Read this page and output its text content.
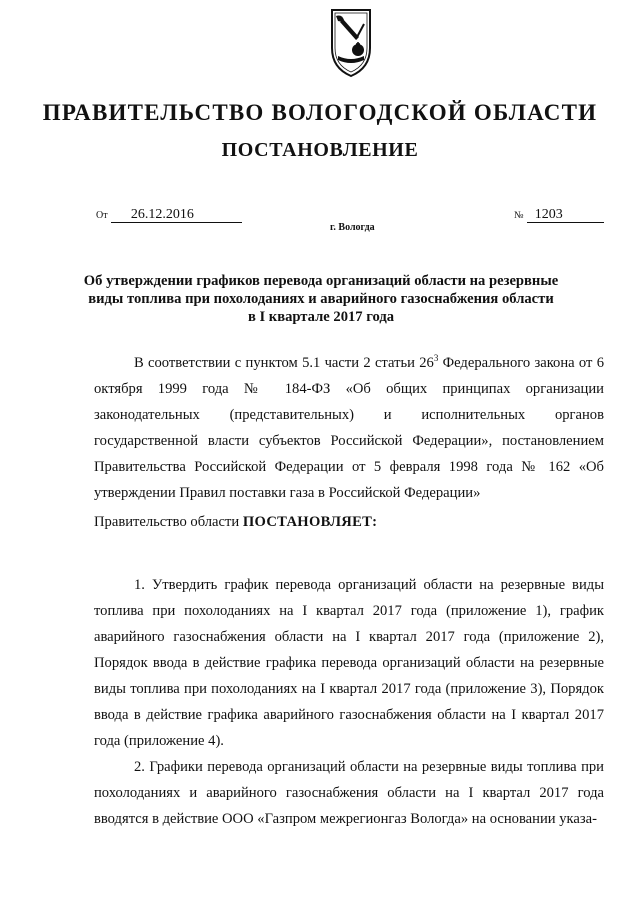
ПРАВИТЕЛЬСТВО ВОЛОГОДСКОЙ ОБЛАСТИ
ПОСТАНОВЛЕНИЕ
От 26.12.2016	№ 1203
г. Вологда
Об утверждении графиков перевода организаций области на резервные
виды топлива при похолоданиях и аварийного газоснабжения области
в I квартале 2017 года

В соответствии с пунктом 5.1 части 2 статьи $26^3$ Федерального закона от 6 октября 1999 года № 184-ФЗ «Об общих принципах организации законодательных (представительных) и исполнительных органов государственной власти субъектов Российской Федерации», постановлением Правительства Российской Федерации от 5 февраля 1998 года № 162 «Об утверждении Правил поставки газа в Российской Федерации»

Правительство области ПОСТАНОВЛЯЕТ:

1. Утвердить график перевода организаций области на резервные виды топлива при похолоданиях на I квартал 2017 года (приложение 1), график аварийного газоснабжения области на I квартал 2017 года (приложение 2), Порядок ввода в действие графика перевода организаций области на резервные виды топлива при похолоданиях на I квартал 2017 года (приложение 3), Порядок ввода в действие графика аварийного газоснабжения области на I квартал 2017 года (приложение 4).

2. Графики перевода организаций области на резервные виды топлива при похолоданиях и аварийного газоснабжения области на I квартал 2017 года вводятся в действие ООО «Газпром межрегионгаз Вологда» на основании указа-
